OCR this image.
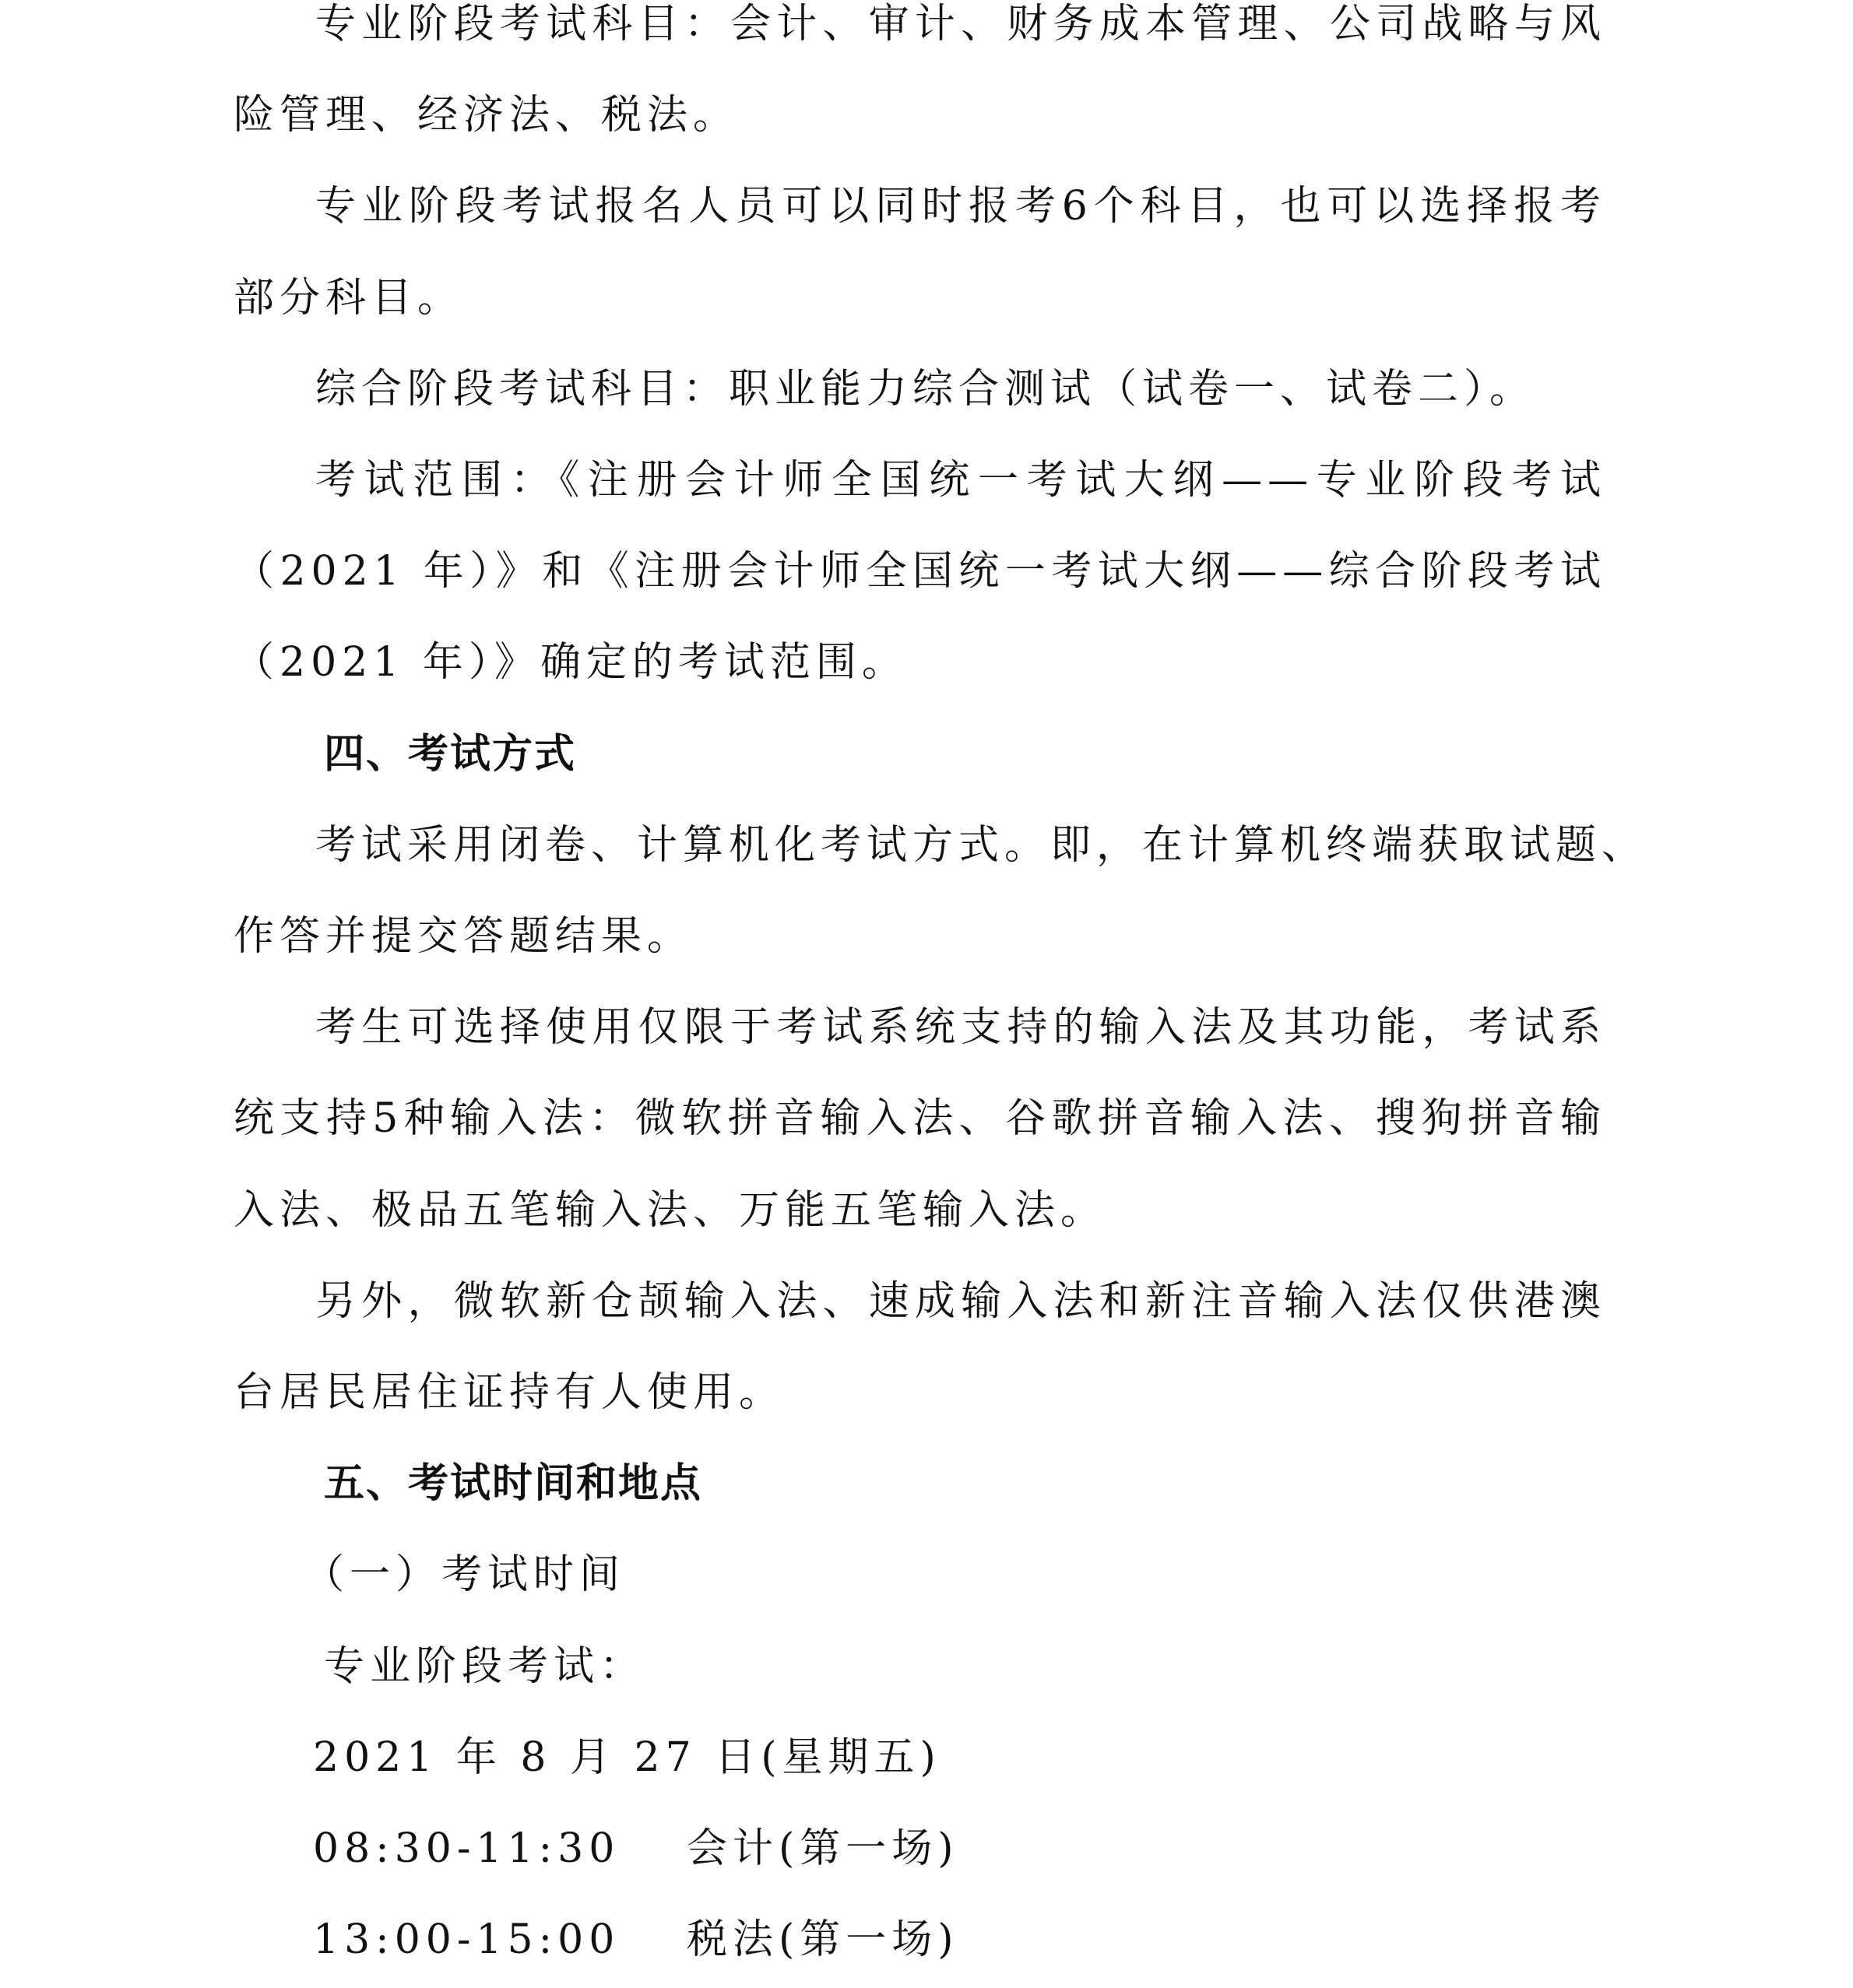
专业阶段考试科目：会计、审计、财务成本管理、公司战略与风
险管理、经济法、税法。
专业阶段考试报名人员可以同时报考6个科目，也可以选择报考
部分科目。
综合阶段考试科目：职业能力综合测试（试卷一、试卷二）。
考试范围：《注册会计师全国统一考试大纲——专业阶段考试
（2021 年）》和《注册会计师全国统一考试大纲——综合阶段考试
（2021 年）》确定的考试范围。
四、考试方式
考试采用闭卷、计算机化考试方式。即，在计算机终端获取试题、
作答并提交答题结果。
考生可选择使用仅限于考试系统支持的输入法及其功能，考试系
统支持5种输入法：微软拼音输入法、谷歌拼音输入法、搜狗拼音输
入法、极品五笔输入法、万能五笔输入法。
另外，微软新仓颉输入法、速成输入法和新注音输入法仅供港澳
台居民居住证持有人使用。
五、考试时间和地点
（一）考试时间
专业阶段考试：
2021 年 8 月 27 日(星期五)
08:30-11:30 会计(第一场)
13:00-15:00 税法(第一场)
